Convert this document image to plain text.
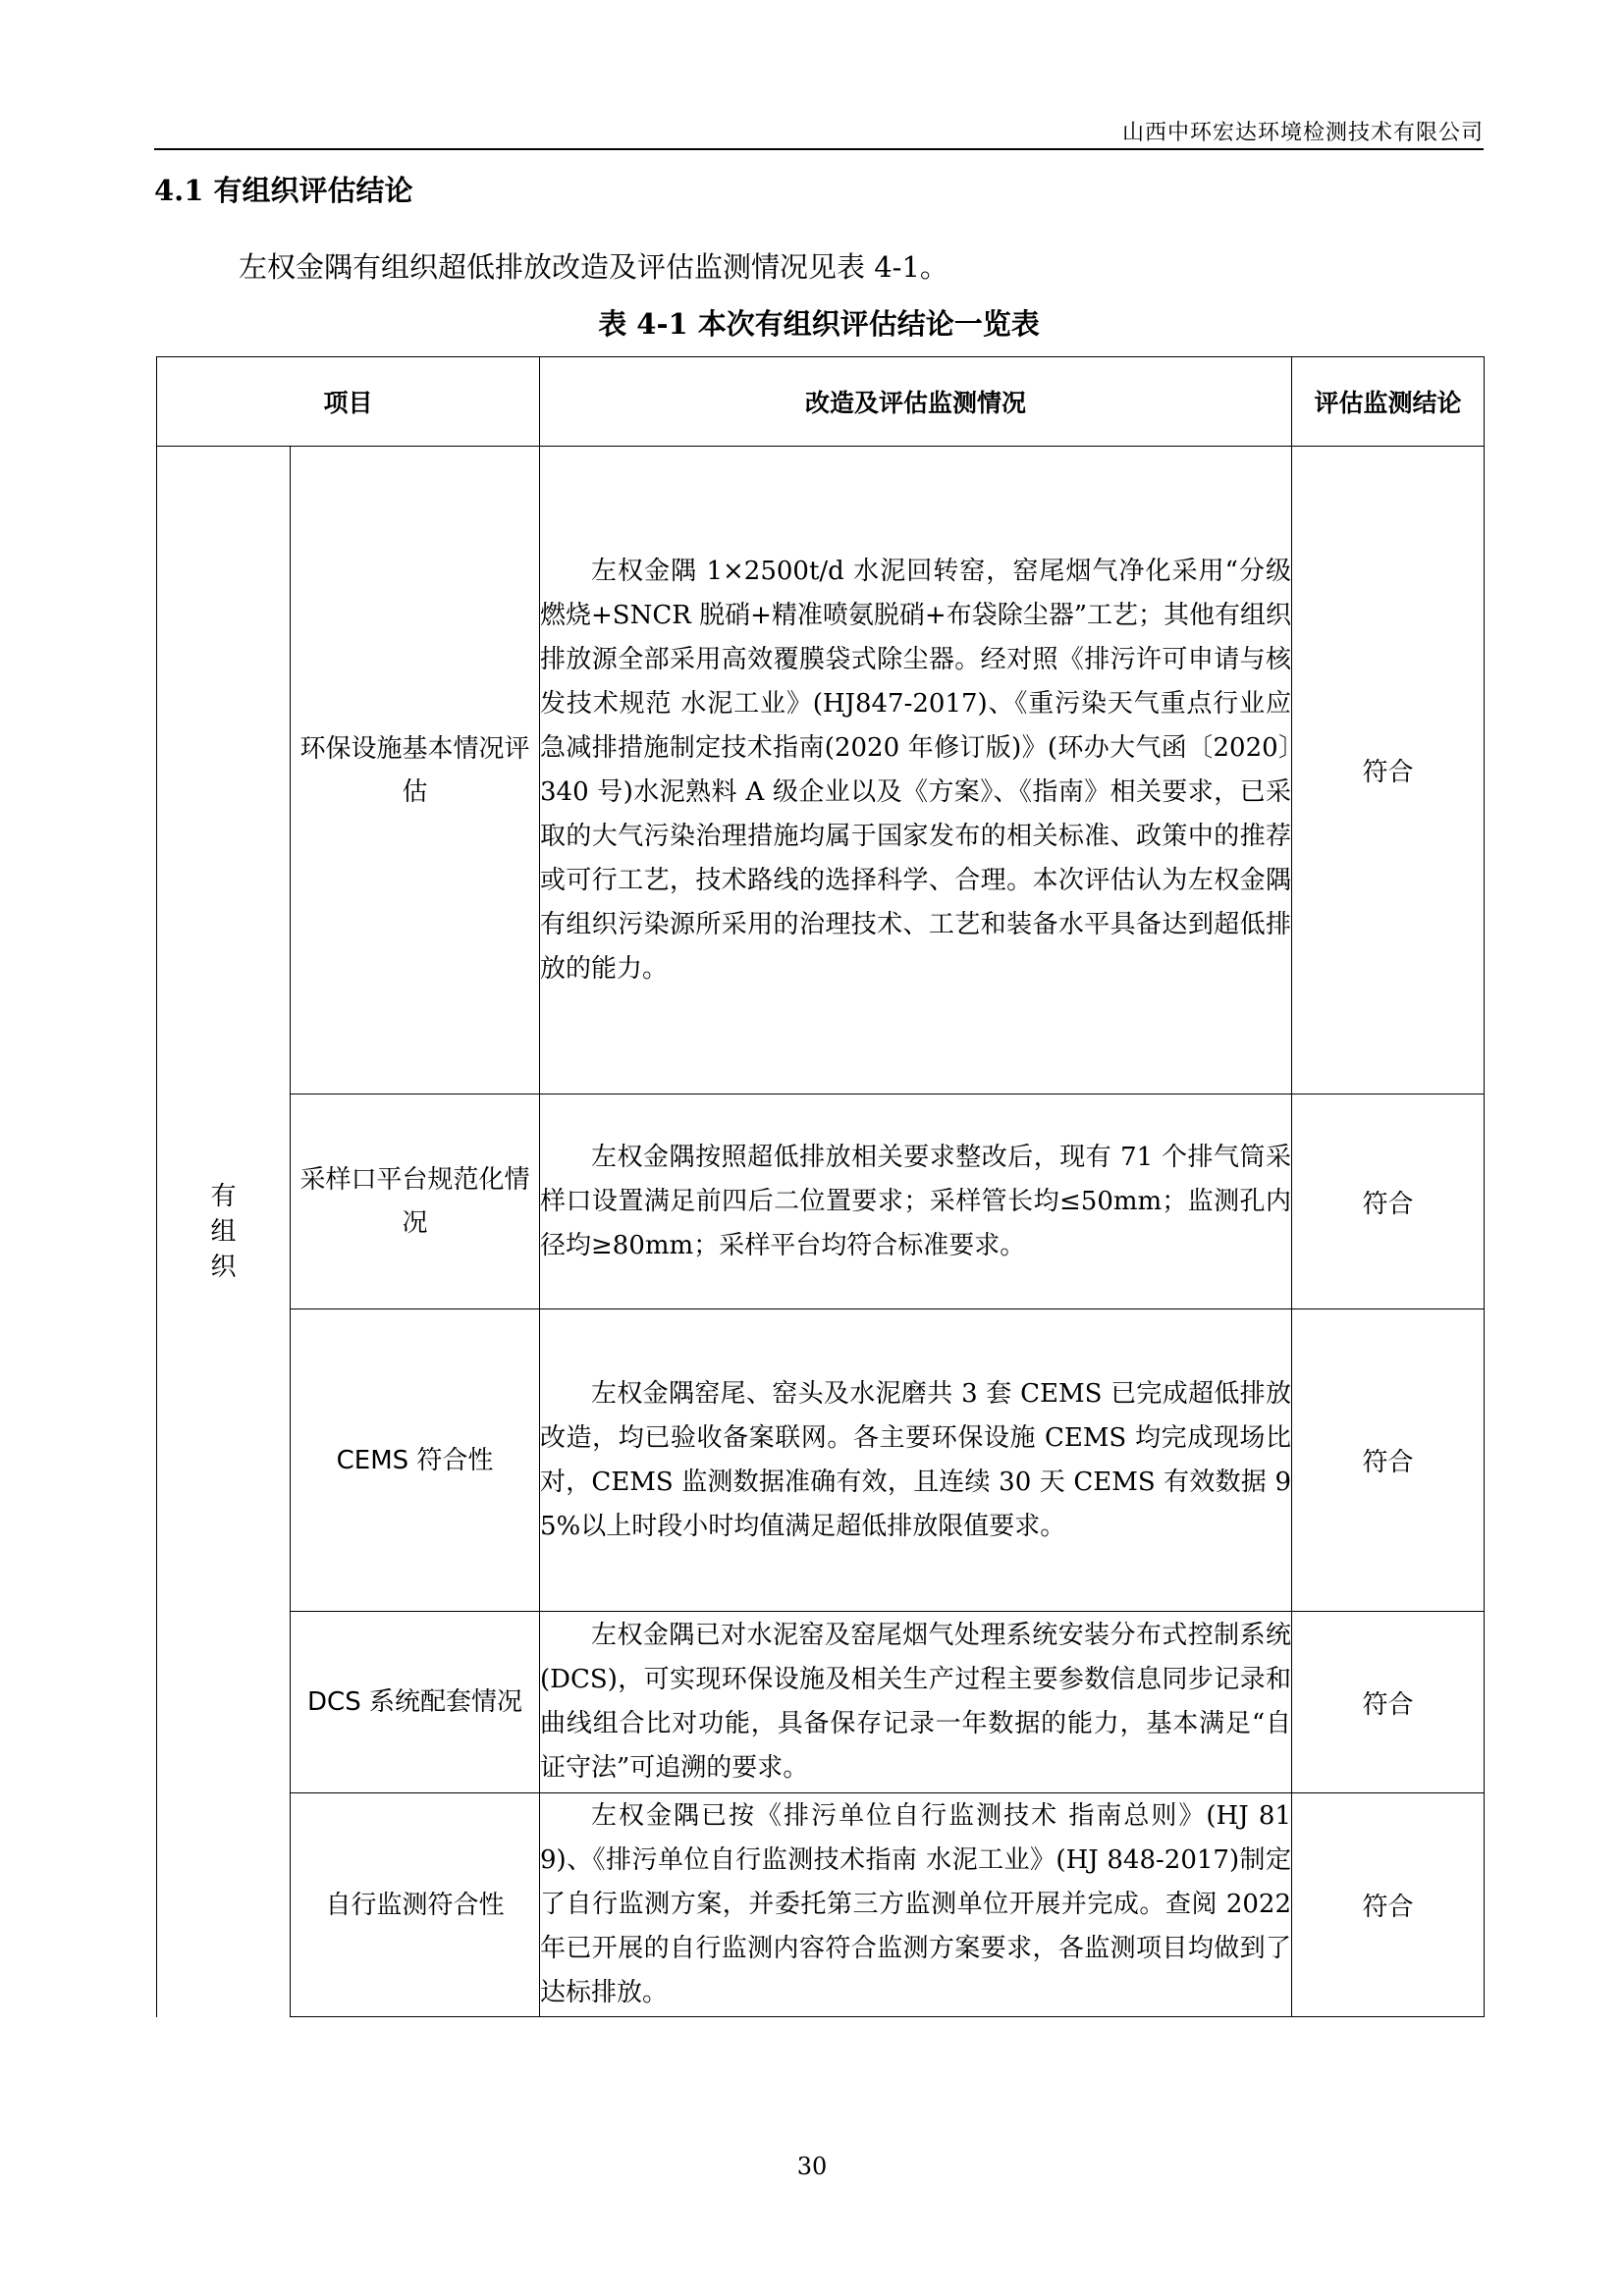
山西中环宏达环境检测技术有限公司
4.1 有组织评估结论
左权金隅有组织超低排放改造及评估监测情况见表 4-1。
表 4-1 本次有组织评估结论一览表
项目		改造及评估监测情况	评估监测结论
有组织	环保设施基本情况评估	左权金隅 1×2500t/d 水泥回转窑，窑尾烟气净化采用“分级燃烧+SNCR 脱硝+精准喷氨脱硝+布袋除尘器”工艺；其他有组织排放源全部采用高效覆膜袋式除尘器。经对照《排污许可申请与核发技术规范 水泥工业》(HJ847-2017)、《重污染天气重点行业应急减排措施制定技术指南(2020 年修订版)》(环办大气函〔2020〕340 号)水泥熟料 A 级企业以及《方案》、《指南》相关要求，已采取的大气污染治理措施均属于国家发布的相关标准、政策中的推荐或可行工艺，技术路线的选择科学、合理。本次评估认为左权金隅有组织污染源所采用的治理技术、工艺和装备水平具备达到超低排放的能力。	符合
	采样口平台规范化情况	左权金隅按照超低排放相关要求整改后，现有 71 个排气筒采样口设置满足前四后二位置要求；采样管长均≤50mm；监测孔内径均≥80mm；采样平台均符合标准要求。	符合
	CEMS 符合性	左权金隅窑尾、窑头及水泥磨共 3 套 CEMS 已完成超低排放改造，均已验收备案联网。各主要环保设施 CEMS 均完成现场比对，CEMS 监测数据准确有效，且连续 30 天 CEMS 有效数据 95%以上时段小时均值满足超低排放限值要求。	符合
	DCS 系统配套情况	左权金隅已对水泥窑及窑尾烟气处理系统安装分布式控制系统(DCS)，可实现环保设施及相关生产过程主要参数信息同步记录和曲线组合比对功能，具备保存记录一年数据的能力，基本满足“自证守法”可追溯的要求。	符合
	自行监测符合性	左权金隅已按《排污单位自行监测技术 指南总则》(HJ 819)、《排污单位自行监测技术指南 水泥工业》(HJ 848-2017)制定了自行监测方案，并委托第三方监测单位开展并完成。查阅 2022 年已开展的自行监测内容符合监测方案要求，各监测项目均做到了达标排放。	符合
30
